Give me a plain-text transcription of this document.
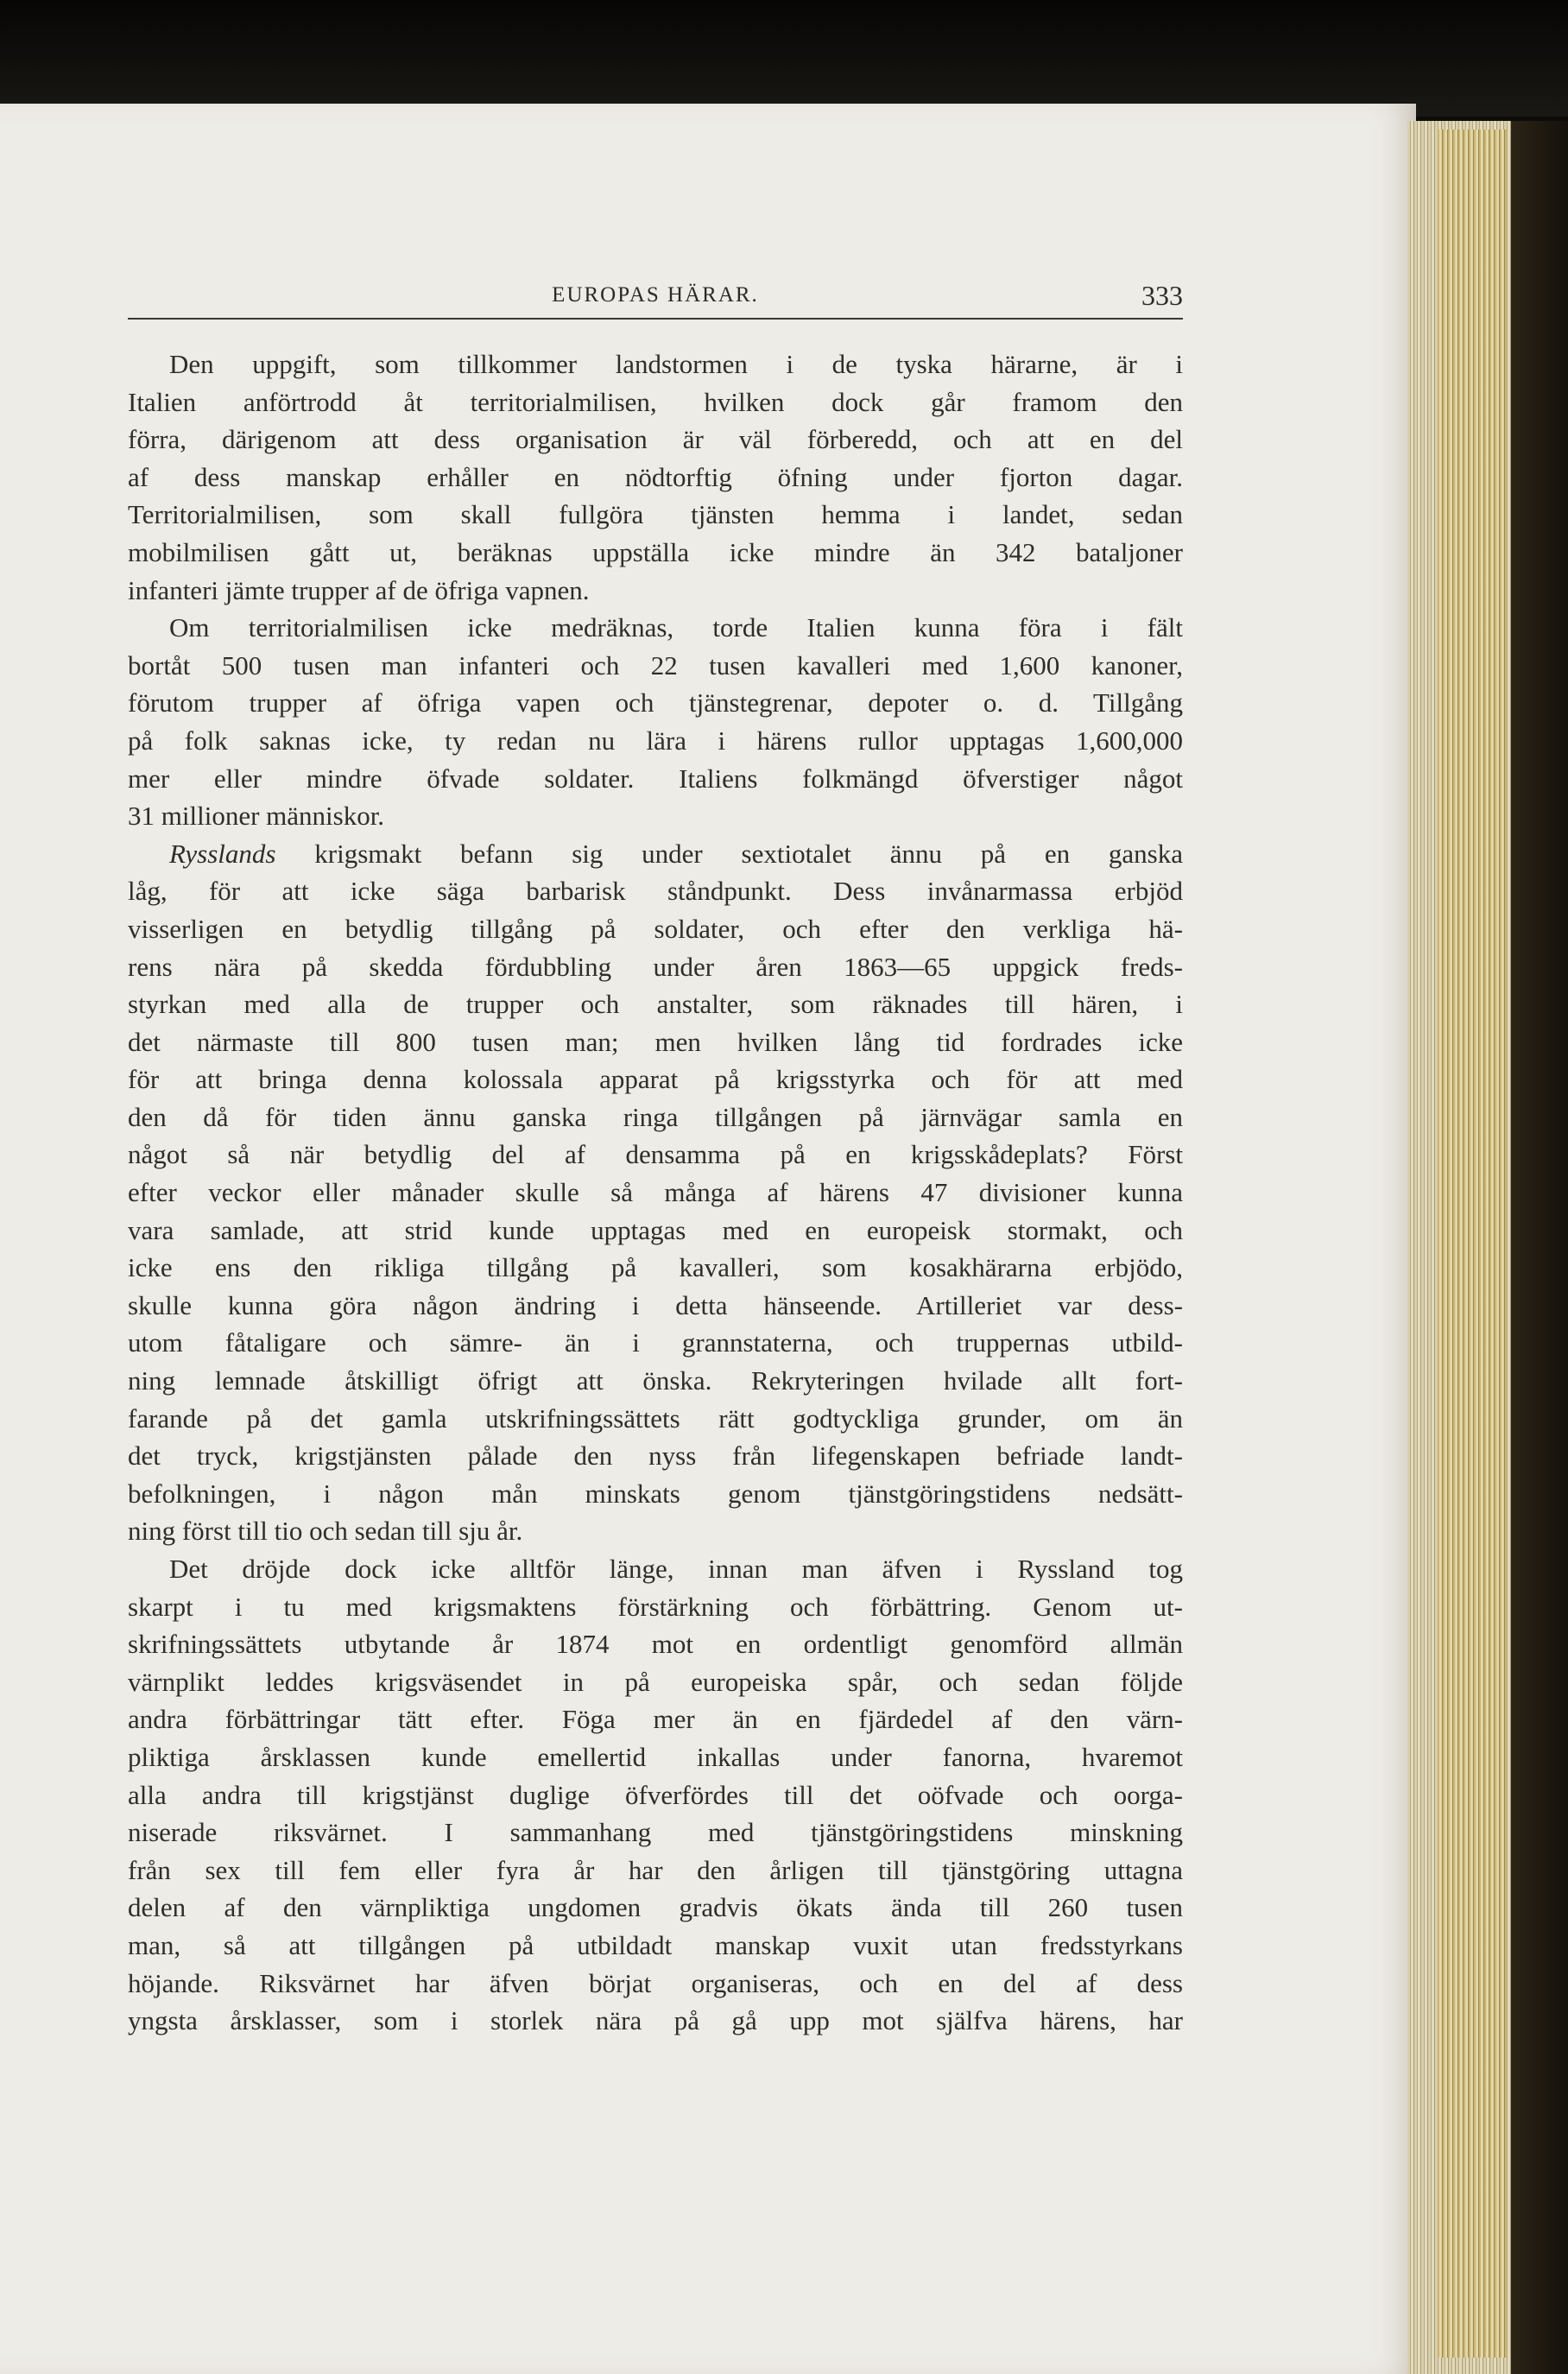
EUROPAS HÄRAR.	333
Den uppgift, som tillkommer landstormen i de tyska härarne, är i
Italien anförtrodd åt territorialmilisen, hvilken dock går framom den
förra, därigenom att dess organisation är väl förberedd, och att en del
af dess manskap erhåller en nödtorftig öfning under fjorton dagar.
Territorialmilisen, som skall fullgöra tjänsten hemma i landet, sedan
mobilmilisen gått ut, beräknas uppställa icke mindre än 342 bataljoner
infanteri jämte trupper af de öfriga vapnen.
Om territorialmilisen icke medräknas, torde Italien kunna föra i fält
bortåt 500 tusen man infanteri och 22 tusen kavalleri med 1,600 kanoner,
förutom trupper af öfriga vapen och tjänstegrenar, depoter o. d. Tillgång
på folk saknas icke, ty redan nu lära i härens rullor upptagas 1,600,000
mer eller mindre öfvade soldater. Italiens folkmängd öfverstiger något
31 millioner människor.
Rysslands krigsmakt befann sig under sextiotalet ännu på en ganska
låg, för att icke säga barbarisk ståndpunkt. Dess invånarmassa erbjöd
visserligen en betydlig tillgång på soldater, och efter den verkliga hä-
rens nära på skedda fördubbling under åren 1863—65 uppgick freds-
styrkan med alla de trupper och anstalter, som räknades till hären, i
det närmaste till 800 tusen man; men hvilken lång tid fordrades icke
för att bringa denna kolossala apparat på krigsstyrka och för att med
den då för tiden ännu ganska ringa tillgången på järnvägar samla en
något så när betydlig del af densamma på en krigsskådeplats? Först
efter veckor eller månader skulle så många af härens 47 divisioner kunna
vara samlade, att strid kunde upptagas med en europeisk stormakt, och
icke ens den rikliga tillgång på kavalleri, som kosakhärarna erbjödo,
skulle kunna göra någon ändring i detta hänseende. Artilleriet var dess-
utom fåtaligare och sämre- än i grannstaterna, och truppernas utbild-
ning lemnade åtskilligt öfrigt att önska. Rekryteringen hvilade allt fort-
farande på det gamla utskrifningssättets rätt godtyckliga grunder, om än
det tryck, krigstjänsten pålade den nyss från lifegenskapen befriade landt-
befolkningen, i någon mån minskats genom tjänstgöringstidens nedsätt-
ning först till tio och sedan till sju år.
Det dröjde dock icke alltför länge, innan man äfven i Ryssland tog
skarpt i tu med krigsmaktens förstärkning och förbättring. Genom ut-
skrifningssättets utbytande år 1874 mot en ordentligt genomförd allmän
värnplikt leddes krigsväsendet in på europeiska spår, och sedan följde
andra förbättringar tätt efter. Föga mer än en fjärdedel af den värn-
pliktiga årsklassen kunde emellertid inkallas under fanorna, hvaremot
alla andra till krigstjänst duglige öfverfördes till det oöfvade och oorga-
niserade riksvärnet. I sammanhang med tjänstgöringstidens minskning
från sex till fem eller fyra år har den årligen till tjänstgöring uttagna
delen af den värnpliktiga ungdomen gradvis ökats ända till 260 tusen
man, så att tillgången på utbildadt manskap vuxit utan fredsstyrkans
höjande. Riksvärnet har äfven börjat organiseras, och en del af dess
yngsta årsklasser, som i storlek nära på gå upp mot själfva härens, har
